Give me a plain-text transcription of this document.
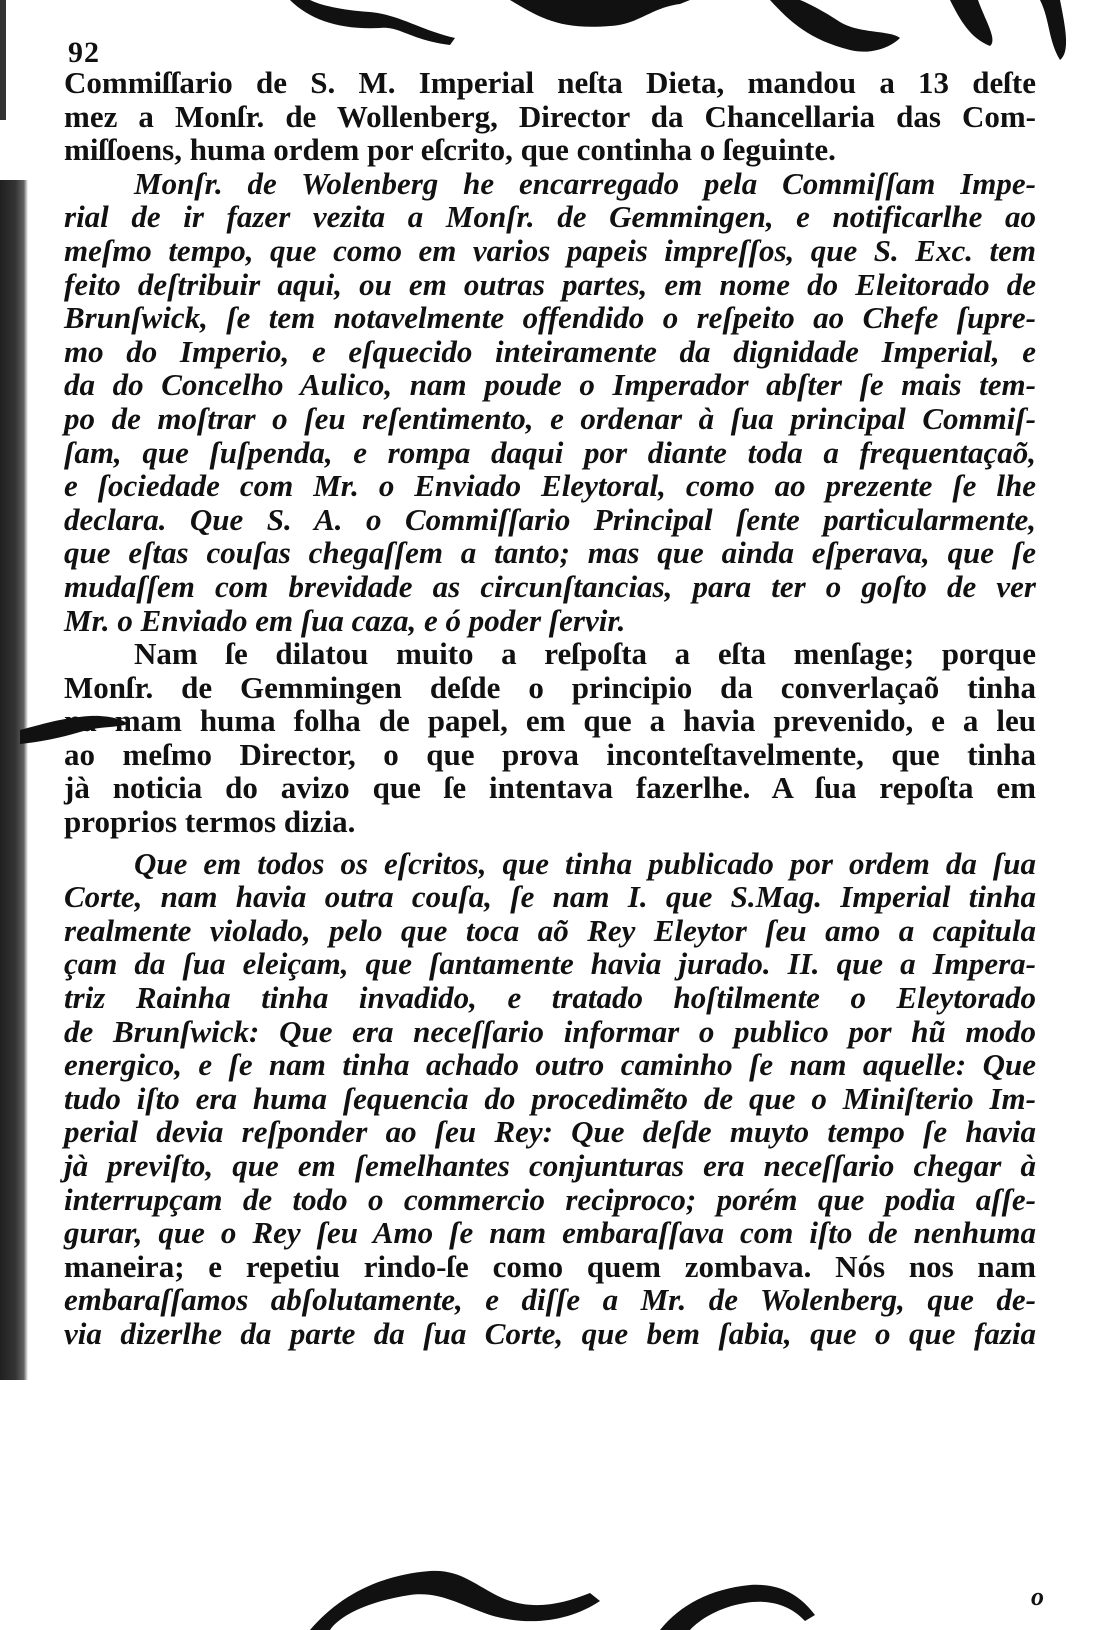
92
Commiſſario de S. M. Imperial neſta Dieta, mandou a 13 deſte
mez a Monſr. de Wollenberg, Director da Chancellaria das Com-
miſſoens, huma ordem por eſcrito, que continha o ſeguinte.
Monſr. de Wolenberg he encarregado pela Commiſſam Impe-
rial de ir fazer vezita a Monſr. de Gemmingen, e notificarlhe ao
meſmo tempo, que como em varios papeis impreſſos, que S. Exc. tem
feito deſtribuir aqui, ou em outras partes, em nome do Eleitorado de
Brunſwick, ſe tem notavelmente offendido o reſpeito ao Chefe ſupre-
mo do Imperio, e eſquecido inteiramente da dignidade Imperial, e
da do Concelho Aulico, nam poude o Imperador abſter ſe mais tem-
po de moſtrar o ſeu reſentimento, e ordenar à ſua principal Commiſ-
ſam, que ſuſpenda, e rompa daqui por diante toda a frequentaçaõ,
e ſociedade com Mr. o Enviado Eleytoral, como ao prezente ſe lhe
declara. Que S. A. o Commiſſario Principal ſente particularmente,
que eſtas couſas chegaſſem a tanto; mas que ainda eſperava, que ſe
mudaſſem com brevidade as circunſtancias, para ter o goſto de ver
Mr. o Enviado em ſua caza, e ó poder ſervir.
Nam ſe dilatou muito a reſpoſta a eſta menſage; porque
Monſr. de Gemmingen deſde o principio da converlaçaõ tinha
na mam huma folha de papel, em que a havia prevenido, e a leu
ao meſmo Director, o que prova inconteſtavelmente, que tinha
jà noticia do avizo que ſe intentava fazerlhe. A ſua repoſta em
proprios termos dizia.
Que em todos os eſcritos, que tinha publicado por ordem da ſua
Corte, nam havia outra couſa, ſe nam I. que S.Mag. Imperial tinha
realmente violado, pelo que toca aõ Rey Eleytor ſeu amo a capitula
çam da ſua eleiçam, que ſantamente havia jurado. II. que a Impera-
triz Rainha tinha invadido, e tratado hoſtilmente o Eleytorado
de Brunſwick: Que era neceſſario informar o publico por hũ modo
energico, e ſe nam tinha achado outro caminho ſe nam aquelle: Que
tudo iſto era huma ſequencia do procedimẽto de que o Miniſterio Im-
perial devia reſponder ao ſeu Rey: Que deſde muyto tempo ſe havia
jà previſto, que em ſemelhantes conjunturas era neceſſario chegar à
interrupçam de todo o commercio reciproco; porém que podia aſſe-
gurar, que o Rey ſeu Amo ſe nam embaraſſava com iſto de nenhuma
maneira; e repetiu rindo-ſe como quem zombava. Nós nos nam
embaraſſamos abſolutamente, e diſſe a Mr. de Wolenberg, que de-
via dizerlhe da parte da ſua Corte, que bem ſabia, que o que fazia
o
